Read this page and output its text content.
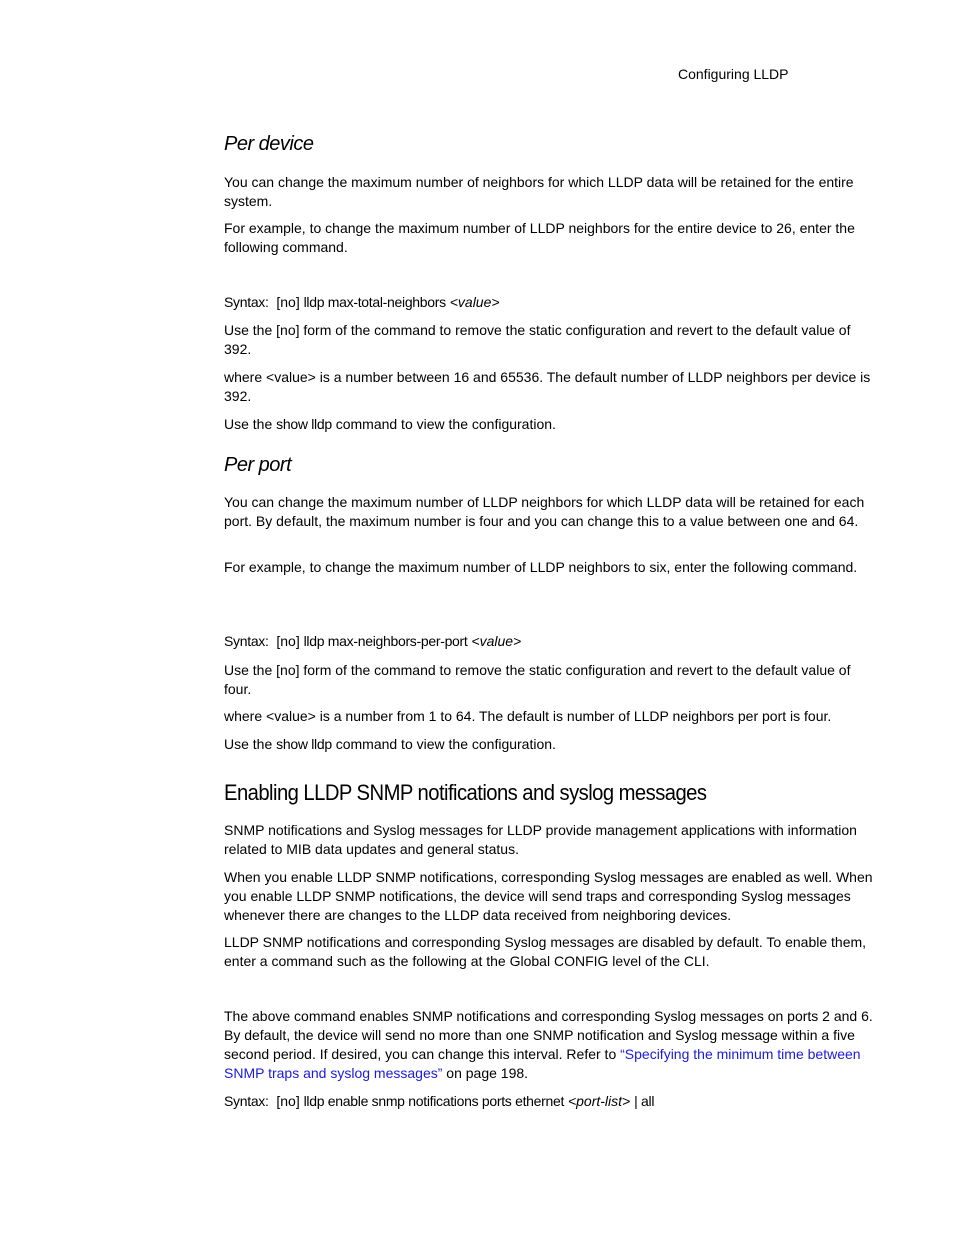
Configuring LLDP
Per device

You can change the maximum number of neighbors for which LLDP data will be retained for the entire system.

For example, to change the maximum number of LLDP neighbors for the entire device to 26, enter the following command.

Syntax: [no] lldp max-total-neighbors <value>

Use the [no] form of the command to remove the static configuration and revert to the default value of 392.

where <value> is a number between 16 and 65536. The default number of LLDP neighbors per device is 392.

Use the show lldp command to view the configuration.

Per port

You can change the maximum number of LLDP neighbors for which LLDP data will be retained for each port. By default, the maximum number is four and you can change this to a value between one and 64.

For example, to change the maximum number of LLDP neighbors to six, enter the following command.

Syntax: [no] lldp max-neighbors-per-port <value>

Use the [no] form of the command to remove the static configuration and revert to the default value of four.

where <value> is a number from 1 to 64. The default is number of LLDP neighbors per port is four.

Use the show lldp command to view the configuration.

Enabling LLDP SNMP notifications and syslog messages

SNMP notifications and Syslog messages for LLDP provide management applications with information related to MIB data updates and general status.

When you enable LLDP SNMP notifications, corresponding Syslog messages are enabled as well. When you enable LLDP SNMP notifications, the device will send traps and corresponding Syslog messages whenever there are changes to the LLDP data received from neighboring devices.

LLDP SNMP notifications and corresponding Syslog messages are disabled by default. To enable them, enter a command such as the following at the Global CONFIG level of the CLI.

The above command enables SNMP notifications and corresponding Syslog messages on ports 2 and 6. By default, the device will send no more than one SNMP notification and Syslog message within a five second period. If desired, you can change this interval. Refer to “Specifying the minimum time between SNMP traps and syslog messages” on page 198.

Syntax: [no] lldp enable snmp notifications ports ethernet <port-list> | all
